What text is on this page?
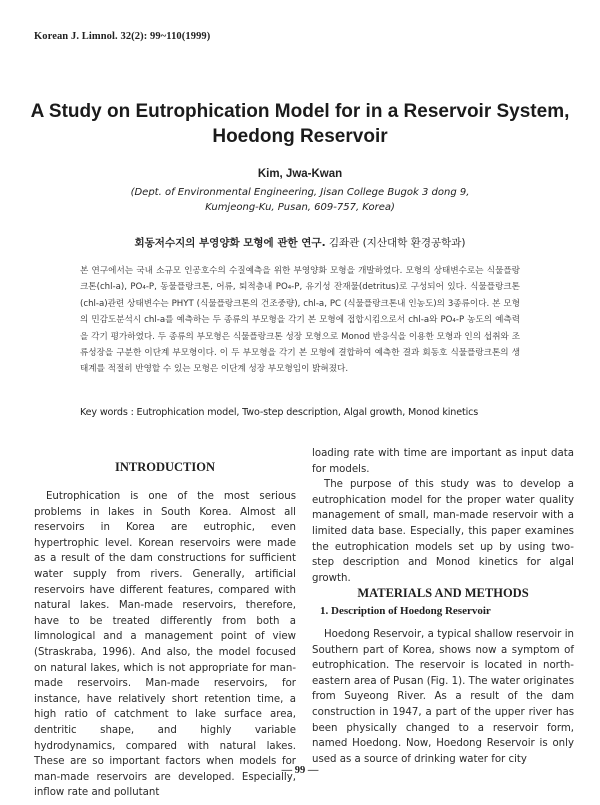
Korean J. Limnol. 32(2): 99~110(1999)
A Study on Eutrophication Model for in a Reservoir System,
Hoedong Reservoir
Kim, Jwa-Kwan
(Dept. of Environmental Engineering, Jisan College Bugok 3 dong 9,
Kumjeong-Ku, Pusan, 609-757, Korea)
회동저수지의 부영양화 모형에 관한 연구. 김좌관 (지산대학 환경공학과)
본 연구에서는 국내 소규모 인공호수의 수질예측을 위한 부영양화 모형을 개발하였다. 모형의 상태변수로는 식물플랑크톤(chl-a), PO₄-P, 동물플랑크톤, 어류, 퇴적층내 PO₄-P, 유기성 잔재물(detritus)로 구성되어 있다. 식물플랑크톤(chl-a)관련 상태변수는 PHYT (식물플랑크톤의 건조중량), chl-a, PC (식물플랑크톤내 인농도)의 3종류이다. 본 모형의 민감도분석시 chl-a를 예측하는 두 종류의 부모형을 각기 본 모형에 접합시킴으로서 chl-a와 PO₄-P 농도의 예측력을 각기 평가하였다. 두 종류의 부모형은 식물플랑크톤 성장 모형으로 Monod 반응식을 이용한 모형과 인의 섭취와 조류성장을 구분한 이단계 부모형이다. 이 두 부모형을 각기 본 모형에 결합하여 예측한 결과 회동호 식물플랑크톤의 생태계를 적절히 반영할 수 있는 모형은 이단계 성장 부모형임이 밝혀졌다.
Key words : Eutrophication model, Two-step description, Algal growth, Monod kinetics
INTRODUCTION

Eutrophication is one of the most serious problems in lakes in South Korea. Almost all reservoirs in Korea are eutrophic, even hypertrophic level. Korean reservoirs were made as a result of the dam constructions for sufficient water supply from rivers. Generally, artificial reservoirs have different features, compared with natural lakes. Man-made reservoirs, therefore, have to be treated differently from both a limnological and a management point of view (Straskraba, 1996). And also, the model focused on natural lakes, which is not appropriate for man-made reservoirs. Man-made reservoirs, for instance, have relatively short retention time, a high ratio of catchment to lake surface area, dentritic shape, and highly variable hydrodynamics, compared with natural lakes. These are so important factors when models for man-made reservoirs are developed. Especially, inflow rate and pollutant

loading rate with time are important as input data for models.

The purpose of this study was to develop a eutrophication model for the proper water quality management of small, man-made reservoir with a limited data base. Especially, this paper examines the eutrophication models set up by using two-step description and Monod kinetics for algal growth.

MATERIALS AND METHODS
1. Description of Hoedong Reservoir

Hoedong Reservoir, a typical shallow reservoir in Southern part of Korea, shows now a symptom of eutrophication. The reservoir is located in north-eastern area of Pusan (Fig. 1). The water originates from Suyeong River. As a result of the dam construction in 1947, a part of the upper river has been physically changed to a reservoir form, named Hoedong. Now, Hoedong Reservoir is only used as a source of drinking water for city

— 99 —
